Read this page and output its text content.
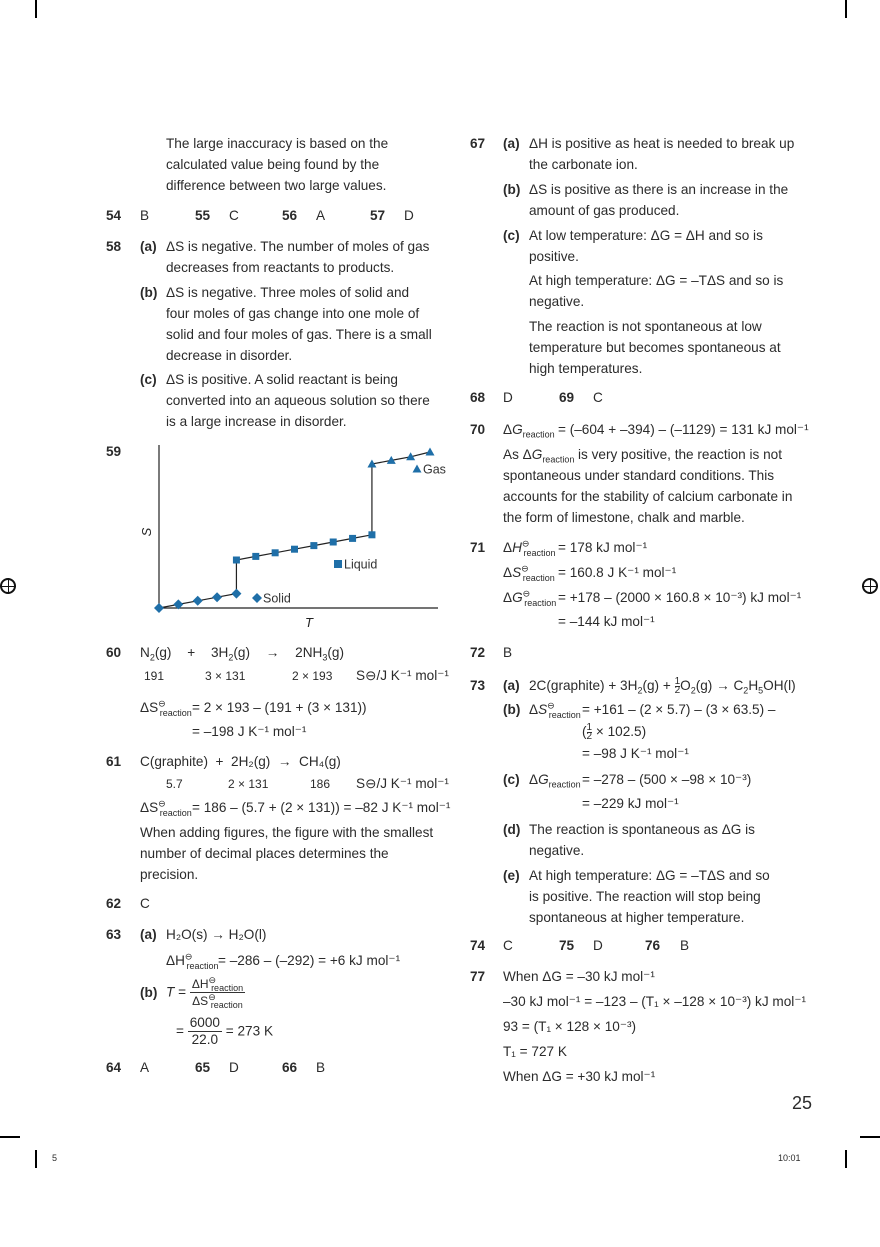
The large inaccuracy is based on the
calculated value being found by the
difference between two large values.
54 B	55 C	56 A	57 D
58 (a) ΔS is negative. The number of moles of gas
decreases from reactants to products.
(b) ΔS is negative. Three moles of solid and
four moles of gas change into one mole of
solid and four moles of gas. There is a small
decrease in disorder.
(c) ΔS is positive. A solid reactant is being
converted into an aqueous solution so there
is a large increase in disorder.
59
S
T
Solid
Liquid
Gas
60 $N_2(g) + 3H_2(g) \to 2NH_3(g)$
191	3 × 131	2 × 193 S⊖/J K⁻¹ mol⁻¹
$\Delta S^⊖_{reaction} = 2 \times 193 - (191 + (3 \times 131))$
= –198 J K⁻¹ mol⁻¹
61 C(graphite)  +  2H₂(g)  →  CH₄(g)
5.7	2 × 131	186 S⊖/J K⁻¹ mol⁻¹
$\Delta S^⊖_{reaction} = 186 - (5.7 + (2 \times 131)) = -82$ J K⁻¹ mol⁻¹
When adding figures, the figure with the smallest
number of decimal places determines the
precision.
62 C
63 (a) H₂O(s) → H₂O(l)
$\Delta H^⊖_{reaction} = -286 - (-292) = +6$ kJ mol⁻¹
(b) $T = \frac{\Delta H^⊖_{reaction}}{\Delta S^⊖_{reaction}}$
= $\frac{6000}{22.0} = 273$ K
64 A	65 D	66 B
67 (a) ΔH is positive as heat is needed to break up
the carbonate ion.
(b) ΔS is positive as there is an increase in the
amount of gas produced.
(c) At low temperature: ΔG = ΔH and so is
positive.
At high temperature: ΔG = –TΔS and so is
negative.
The reaction is not spontaneous at low
temperature but becomes spontaneous at
high temperatures.
68 D	69 C
70 $\Delta G_{reaction} = (-604 + -394) - (-1129) = 131$ kJ mol⁻¹
As $\Delta G_{reaction}$ is very positive, the reaction is not
spontaneous under standard conditions. This
accounts for the stability of calcium carbonate in
the form of limestone, chalk and marble.
71 $\Delta H^⊖_{reaction} = 178$ kJ mol⁻¹
$\Delta S^⊖_{reaction} = 160.8$ J K⁻¹ mol⁻¹
$\Delta G^⊖_{reaction} = +178 - (2000 \times 160.8 \times 10^{-3})$ kJ mol⁻¹
= –144 kJ mol⁻¹
72 B
73 (a) 2C(graphite) + $3H_2(g) + \frac{1}{2} O_2(g) \to C_2H_5OH(l)$
(b) $\Delta S^⊖_{reaction} = +161 - (2 \times 5.7) - (3 \times 63.5)$ –
( $\frac{1}{2} \times 102.5$)
= –98 J K⁻¹ mol⁻¹
(c) $\Delta G_{reaction} = -278 - (500 \times -98 \times 10^{-3})$
= –229 kJ mol⁻¹
(d) The reaction is spontaneous as ΔG is
negative.
(e) At high temperature: ΔG = –TΔS and so
is positive. The reaction will stop being
spontaneous at higher temperature.
74 C	75 D	76 B
77 When ΔG = –30 kJ mol⁻¹
–30 kJ mol⁻¹ = –123 – (T₁ × –128 × 10⁻³) kJ mol⁻¹
93 = (T₁ × 128 × 10⁻³)
T₁ = 727 K
When ΔG = +30 kJ mol⁻¹
25
5	10:01
